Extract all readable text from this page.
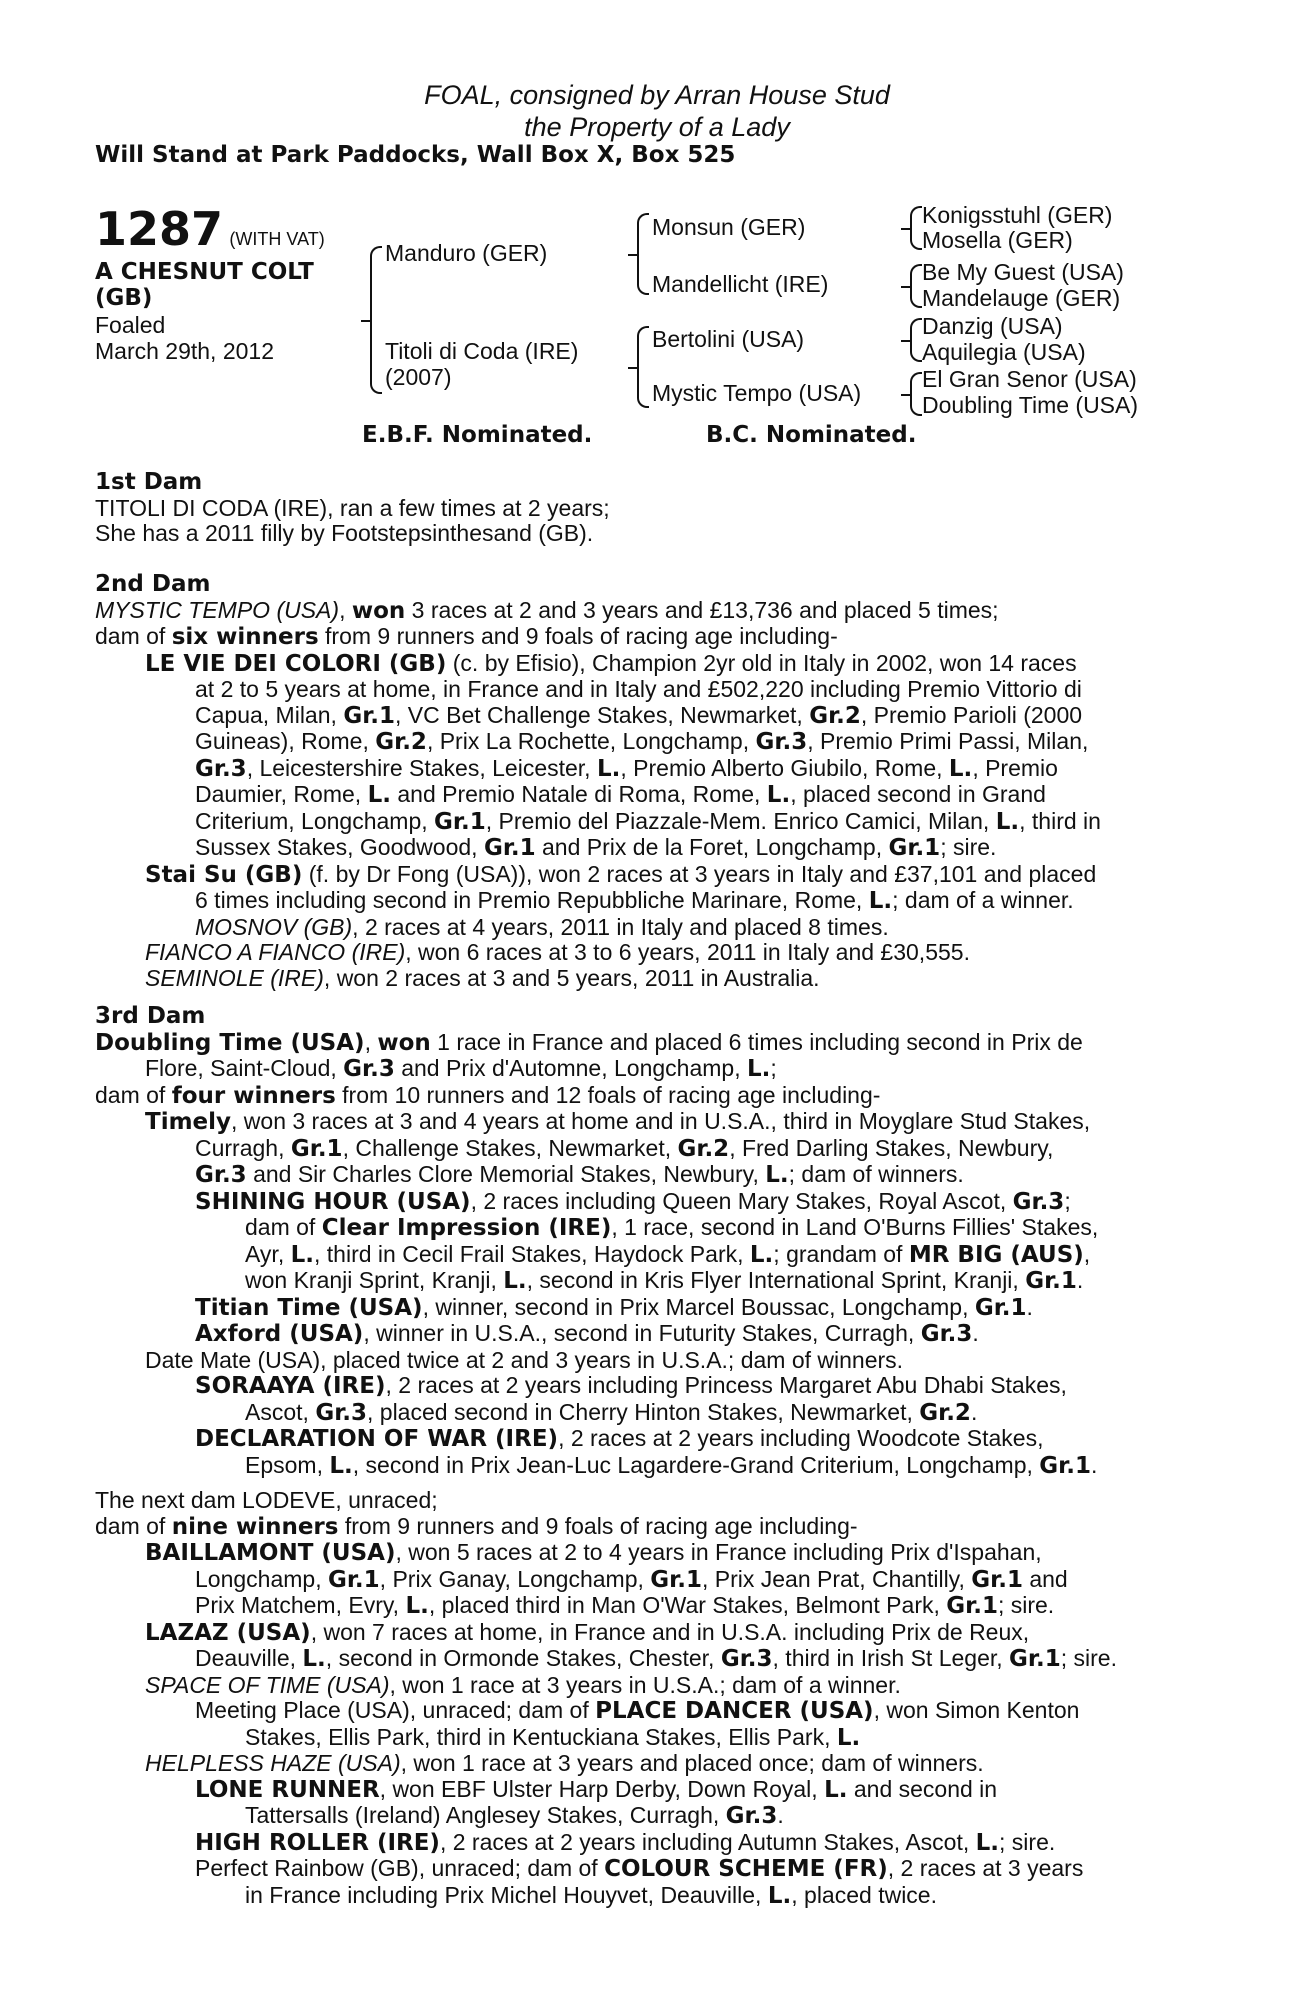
FOAL, consigned by Arran House Stud
the Property of a Lady
Will Stand at Park Paddocks, Wall Box X, Box 525
1287 (WITH VAT)
A CHESNUT COLT
(GB)
Foaled
March 29th, 2012
Manduro (GER)
Titoli di Coda (IRE)
(2007)
Monsun (GER)
Mandellicht (IRE)
Bertolini (USA)
Mystic Tempo (USA)
Konigsstuhl (GER)
Mosella (GER)
Be My Guest (USA)
Mandelauge (GER)
Danzig (USA)
Aquilegia (USA)
El Gran Senor (USA)
Doubling Time (USA)
E.B.F. Nominated.	B.C. Nominated.
1st Dam
TITOLI DI CODA (IRE), ran a few times at 2 years;
She has a 2011 filly by Footstepsinthesand (GB).
2nd Dam
MYSTIC TEMPO (USA), won 3 races at 2 and 3 years and £13,736 and placed 5 times;
dam of six winners from 9 runners and 9 foals of racing age including-
LE VIE DEI COLORI (GB) (c. by Efisio), Champion 2yr old in Italy in 2002, won 14 races
at 2 to 5 years at home, in France and in Italy and £502,220 including Premio Vittorio di
Capua, Milan, Gr.1, VC Bet Challenge Stakes, Newmarket, Gr.2, Premio Parioli (2000
Guineas), Rome, Gr.2, Prix La Rochette, Longchamp, Gr.3, Premio Primi Passi, Milan,
Gr.3, Leicestershire Stakes, Leicester, L., Premio Alberto Giubilo, Rome, L., Premio
Daumier, Rome, L. and Premio Natale di Roma, Rome, L., placed second in Grand
Criterium, Longchamp, Gr.1, Premio del Piazzale-Mem. Enrico Camici, Milan, L., third in
Sussex Stakes, Goodwood, Gr.1 and Prix de la Foret, Longchamp, Gr.1; sire.
Stai Su (GB) (f. by Dr Fong (USA)), won 2 races at 3 years in Italy and £37,101 and placed
6 times including second in Premio Repubbliche Marinare, Rome, L.; dam of a winner.
MOSNOV (GB), 2 races at 4 years, 2011 in Italy and placed 8 times.
FIANCO A FIANCO (IRE), won 6 races at 3 to 6 years, 2011 in Italy and £30,555.
SEMINOLE (IRE), won 2 races at 3 and 5 years, 2011 in Australia.
3rd Dam
Doubling Time (USA), won 1 race in France and placed 6 times including second in Prix de
Flore, Saint-Cloud, Gr.3 and Prix d'Automne, Longchamp, L.;
dam of four winners from 10 runners and 12 foals of racing age including-
Timely, won 3 races at 3 and 4 years at home and in U.S.A., third in Moyglare Stud Stakes,
Curragh, Gr.1, Challenge Stakes, Newmarket, Gr.2, Fred Darling Stakes, Newbury,
Gr.3 and Sir Charles Clore Memorial Stakes, Newbury, L.; dam of winners.
SHINING HOUR (USA), 2 races including Queen Mary Stakes, Royal Ascot, Gr.3;
dam of Clear Impression (IRE), 1 race, second in Land O'Burns Fillies' Stakes,
Ayr, L., third in Cecil Frail Stakes, Haydock Park, L.; grandam of MR BIG (AUS),
won Kranji Sprint, Kranji, L., second in Kris Flyer International Sprint, Kranji, Gr.1.
Titian Time (USA), winner, second in Prix Marcel Boussac, Longchamp, Gr.1.
Axford (USA), winner in U.S.A., second in Futurity Stakes, Curragh, Gr.3.
Date Mate (USA), placed twice at 2 and 3 years in U.S.A.; dam of winners.
SORAAYA (IRE), 2 races at 2 years including Princess Margaret Abu Dhabi Stakes,
Ascot, Gr.3, placed second in Cherry Hinton Stakes, Newmarket, Gr.2.
DECLARATION OF WAR (IRE), 2 races at 2 years including Woodcote Stakes,
Epsom, L., second in Prix Jean-Luc Lagardere-Grand Criterium, Longchamp, Gr.1.
The next dam LODEVE, unraced;
dam of nine winners from 9 runners and 9 foals of racing age including-
BAILLAMONT (USA), won 5 races at 2 to 4 years in France including Prix d'Ispahan,
Longchamp, Gr.1, Prix Ganay, Longchamp, Gr.1, Prix Jean Prat, Chantilly, Gr.1 and
Prix Matchem, Evry, L., placed third in Man O'War Stakes, Belmont Park, Gr.1; sire.
LAZAZ (USA), won 7 races at home, in France and in U.S.A. including Prix de Reux,
Deauville, L., second in Ormonde Stakes, Chester, Gr.3, third in Irish St Leger, Gr.1; sire.
SPACE OF TIME (USA), won 1 race at 3 years in U.S.A.; dam of a winner.
Meeting Place (USA), unraced; dam of PLACE DANCER (USA), won Simon Kenton
Stakes, Ellis Park, third in Kentuckiana Stakes, Ellis Park, L.
HELPLESS HAZE (USA), won 1 race at 3 years and placed once; dam of winners.
LONE RUNNER, won EBF Ulster Harp Derby, Down Royal, L. and second in
Tattersalls (Ireland) Anglesey Stakes, Curragh, Gr.3.
HIGH ROLLER (IRE), 2 races at 2 years including Autumn Stakes, Ascot, L.; sire.
Perfect Rainbow (GB), unraced; dam of COLOUR SCHEME (FR), 2 races at 3 years
in France including Prix Michel Houyvet, Deauville, L., placed twice.
